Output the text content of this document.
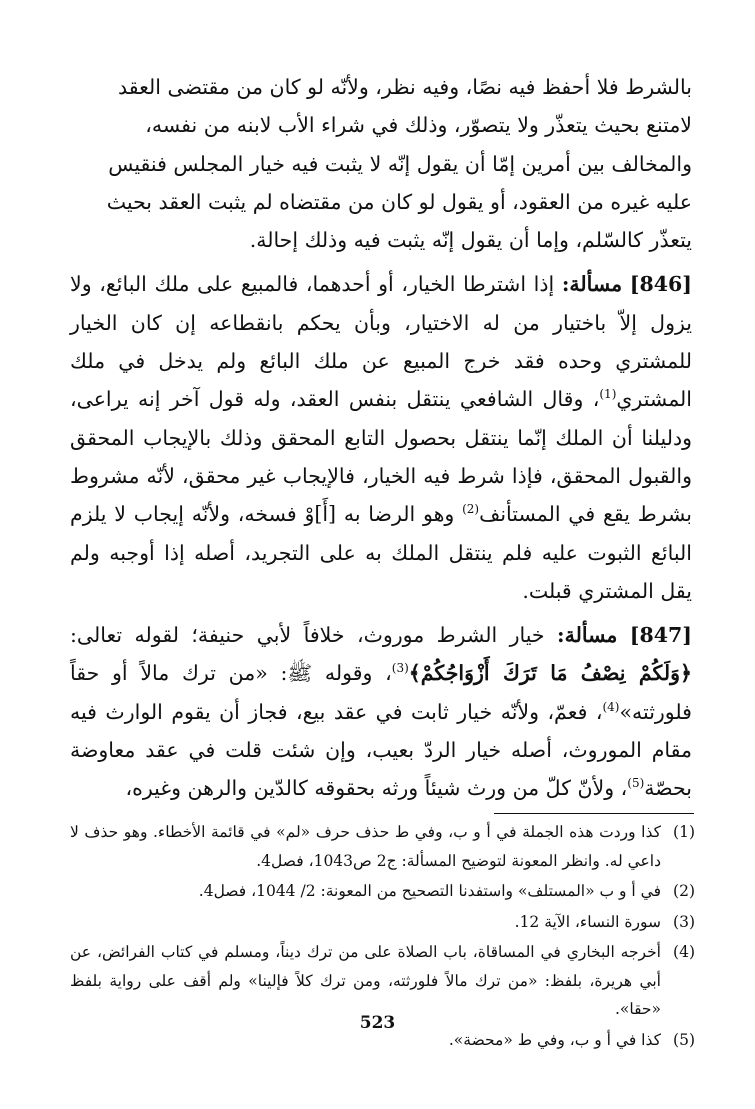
بالشرط فلا أحفظ فيه نصًا، وفيه نظر، ولأنّه لو كان من مقتضى العقد لامتنع بحيث يتعذّر ولا يتصوّر، وذلك في شراء الأب لابنه من نفسه، والمخالف بين أمرين إمّا أن يقول إنّه لا يثبت فيه خيار المجلس فنقيس عليه غيره من العقود، أو يقول لو كان من مقتضاه لم يثبت العقد بحيث يتعذّر كالسّلم، وإما أن يقول إنّه يثبت فيه وذلك إحالة.

[846] مسألة: إذا اشترطا الخيار، أو أحدهما، فالمبيع على ملك البائع، ولا يزول إلاّ باختيار من له الاختيار، وبأن يحكم بانقطاعه إن كان الخيار للمشتري وحده فقد خرج المبيع عن ملك البائع ولم يدخل في ملك المشتري$^{(1)}$، وقال الشافعي ينتقل بنفس العقد، وله قول آخر إنه يراعى، ودليلنا أن الملك إنّما ينتقل بحصول التابع المحقق وذلك بالإيجاب المحقق والقبول المحقق، فإذا شرط فيه الخيار، فالإيجاب غير محقق، لأنّه مشروط بشرط يقع في المستأنف$^{(2)}$ وهو الرضا به [أَ]وْ فسخه، ولأنّه إيجاب لا يلزم البائع الثبوت عليه فلم ينتقل الملك به على التجريد، أصله إذا أوجبه ولم يقل المشتري قبلت.

[847] مسألة: خيار الشرط موروث، خلافاً لأبي حنيفة؛ لقوله تعالى: ﴿وَلَكُمْ نِصْفُ مَا تَرَكَ أَزْوَاجُكُمْ﴾$^{(3)}$، وقوله ﷺ: «من ترك مالاً أو حقاً فلورثته»$^{(4)}$، فعمّ، ولأنّه خيار ثابت في عقد بيع، فجاز أن يقوم الوارث فيه مقام الموروث، أصله خيار الردّ بعيب، وإن شئت قلت في عقد معاوضة بحصّة$^{(5)}$، ولأنّ كلّ من ورث شيئاً ورثه بحقوقه كالدّين والرهن وغيره،

(1)
كذا وردت هذه الجملة في أ و ب، وفي ط حذف حرف «لم» في قائمة الأخطاء. وهو حذف لا داعي له. وانظر المعونة لتوضيح المسألة: ج2 ص1043، فصل4.
(2)
في أ و ب «المستلف» واستفدنا التصحيح من المعونة: 2/ 1044، فصل4.
(3)
سورة النساء، الآية 12.
(4)
أخرجه البخاري في المساقاة، باب الصلاة على من ترك ديناً، ومسلم في كتاب الفرائض، عن أبي هريرة، بلفظ: «من ترك مالاً فلورثته، ومن ترك كلاً فإلينا» ولم أقف على رواية بلفظ «حقا».
(5)
كذا في أ و ب، وفي ط «محضة».
523
